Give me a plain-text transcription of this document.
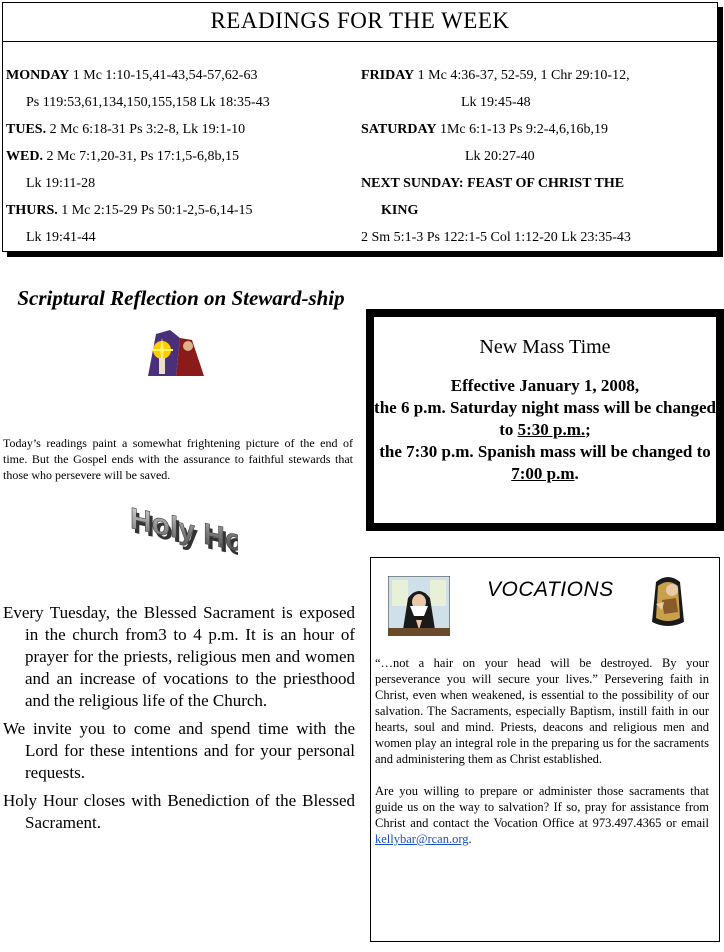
READINGS FOR THE WEEK
MONDAY 1 Mc 1:10-15,41-43,54-57,62-63
Ps 119:53,61,134,150,155,158 Lk 18:35-43
TUES. 2 Mc 6:18-31 Ps 3:2-8, Lk 19:1-10
WED. 2 Mc 7:1,20-31, Ps 17:1,5-6,8b,15
Lk 19:11-28
THURS. 1 Mc 2:15-29 Ps 50:1-2,5-6,14-15
Lk 19:41-44
FRIDAY 1 Mc 4:36-37, 52-59, 1 Chr 29:10-12,
Lk 19:45-48
SATURDAY 1Mc 6:1-13 Ps 9:2-4,6,16b,19
Lk 20:27-40
NEXT SUNDAY: FEAST OF CHRIST THE
KING
2 Sm 5:1-3 Ps 122:1-5 Col 1:12-20 Lk 23:35-43
Scriptural Reflection on Steward-ship
Today’s readings paint a somewhat frightening picture of the end of time. But the Gospel ends with the assurance to faithful stewards that those who persevere will be saved.
Holy Hour
Holy Hour
New Mass Time
Effective January 1, 2008,
the 6 p.m. Saturday night mass will be changed to 5:30 p.m.;
the 7:30 p.m. Spanish mass will be changed to 7:00 p.m.

Every Tuesday, the Blessed Sacrament is exposed in the church from3 to 4 p.m. It is an hour of prayer for the priests, religious men and women and an increase of vocations to the priesthood and the religious life of the Church.

We invite you to come and spend time with the Lord for these intentions and for your personal requests.

Holy Hour closes with Benediction of the Blessed Sacrament.

VOCATIONS

“…not a hair on your head will be destroyed. By your perseverance you will secure your lives.” Persevering faith in Christ, even when weakened, is essential to the possibility of our salvation. The Sacraments, especially Baptism, instill faith in our hearts, soul and mind. Priests, deacons and religious men and women play an integral role in the preparing us for the sacraments and administering them as Christ established.

Are you willing to prepare or administer those sacraments that guide us on the way to salvation? If so, pray for assistance from Christ and contact the Vocation Office at 973.497.4365 or email kellybar@rcan.org.
